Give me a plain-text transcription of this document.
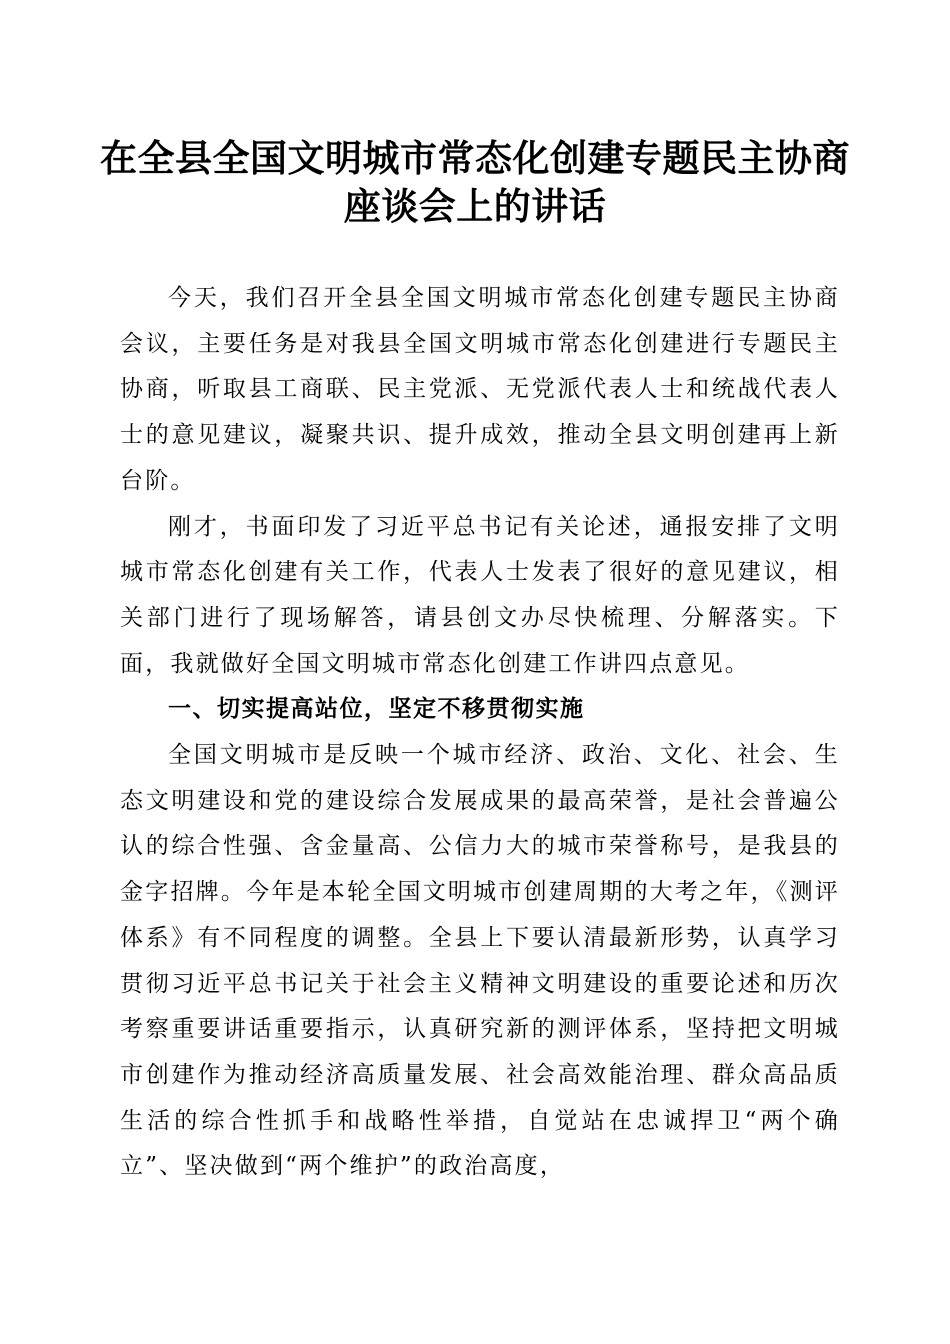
在全县全国文明城市常态化创建专题民主协商
座谈会上的讲话

今天，我们召开全县全国文明城市常态化创建专题民主协商会议，主要任务是对我县全国文明城市常态化创建进行专题民主协商，听取县工商联、民主党派、无党派代表人士和统战代表人士的意见建议，凝聚共识、提升成效，推动全县文明创建再上新台阶。

刚才，书面印发了习近平总书记有关论述，通报安排了文明城市常态化创建有关工作，代表人士发表了很好的意见建议，相关部门进行了现场解答，请县创文办尽快梳理、分解落实。下面，我就做好全国文明城市常态化创建工作讲四点意见。

一、切实提高站位，坚定不移贯彻实施

全国文明城市是反映一个城市经济、政治、文化、社会、生态文明建设和党的建设综合发展成果的最高荣誉，是社会普遍公认的综合性强、含金量高、公信力大的城市荣誉称号，是我县的金字招牌。今年是本轮全国文明城市创建周期的大考之年，《测评体系》有不同程度的调整。全县上下要认清最新形势，认真学习贯彻习近平总书记关于社会主义精神文明建设的重要论述和历次考察重要讲话重要指示，认真研究新的测评体系，坚持把文明城市创建作为推动经济高质量发展、社会高效能治理、群众高品质生活的综合性抓手和战略性举措，自觉站在忠诚捍卫“两个确立”、坚决做到“两个维护”的政治高度，
